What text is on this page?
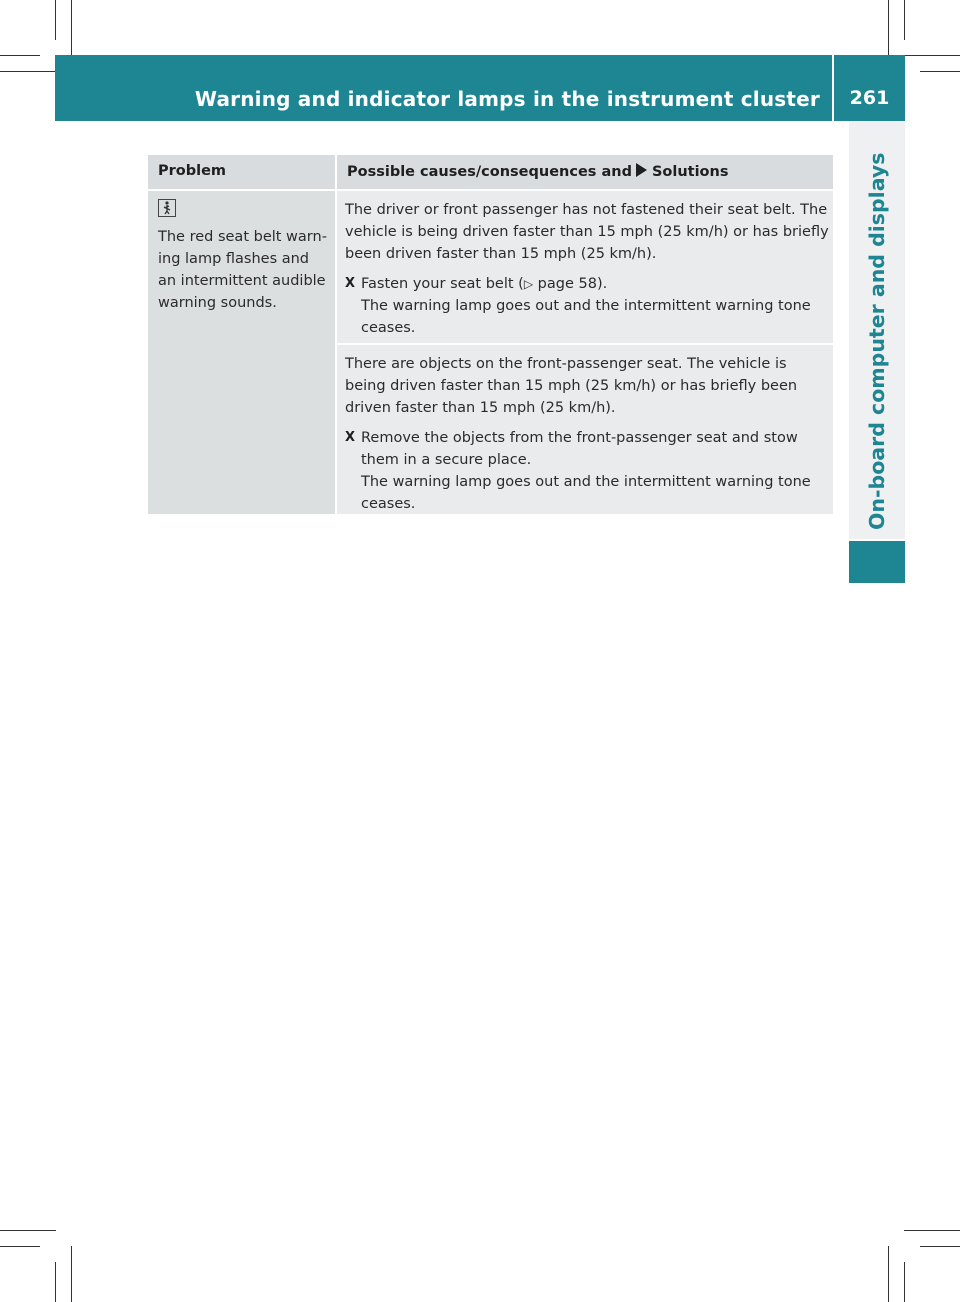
Warning and indicator lamps in the instrument cluster	261
On-board computer and displays
Problem	Possible causes/consequences and Solutions

The red seat belt warn-ing lamp flashes and an intermittent audible warning sounds.

The driver or front passenger has not fastened their seat belt. The vehicle is being driven faster than 15 mph (25 km/h) or has briefly been driven faster than 15 mph (25 km/h).

X Fasten your seat belt (▷ page 58).
The warning lamp goes out and the intermittent warning tone ceases.

There are objects on the front-passenger seat. The vehicle is being driven faster than 15 mph (25 km/h) or has briefly been driven faster than 15 mph (25 km/h).

X Remove the objects from the front-passenger seat and stow them in a secure place.
The warning lamp goes out and the intermittent warning tone ceases.
